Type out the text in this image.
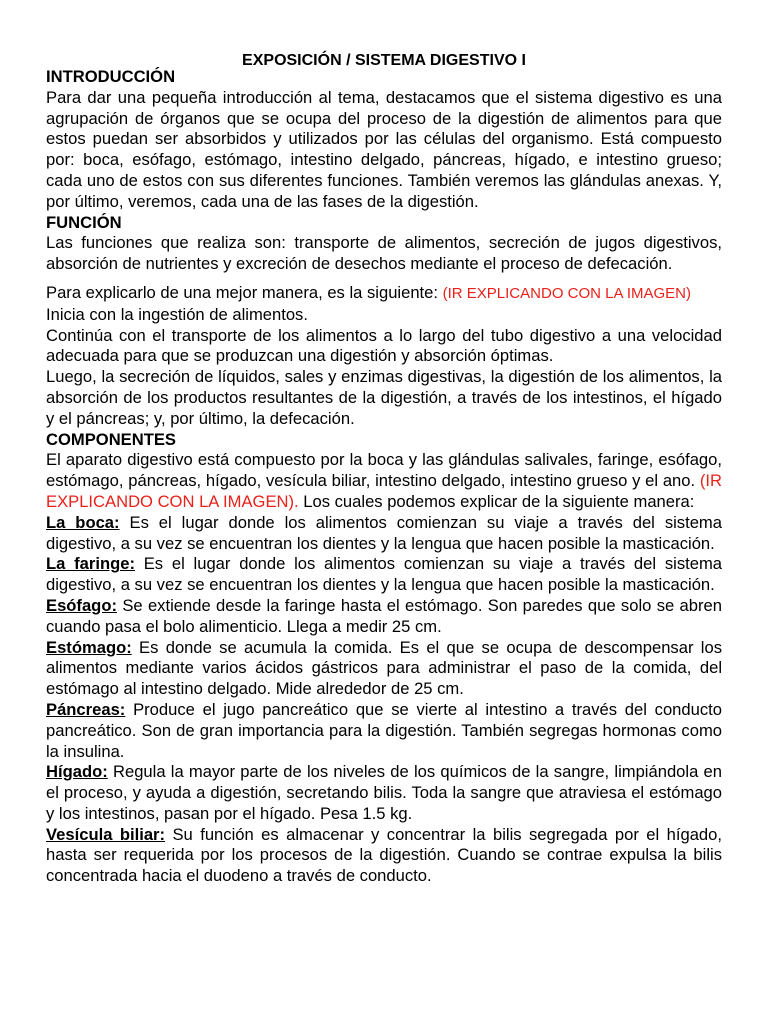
EXPOSICIÓN / SISTEMA DIGESTIVO I

INTRODUCCIÓN

Para dar una pequeña introducción al tema, destacamos que el sistema digestivo es una agrupación de órganos que se ocupa del proceso de la digestión de alimentos para que estos puedan ser absorbidos y utilizados por las células del organismo. Está compuesto por: boca, esófago, estómago, intestino delgado, páncreas, hígado, e intestino grueso; cada uno de estos con sus diferentes funciones. También veremos las glándulas anexas. Y, por último, veremos, cada una de las fases de la digestión.

FUNCIÓN

Las funciones que realiza son: transporte de alimentos, secreción de jugos digestivos, absorción de nutrientes y excreción de desechos mediante el proceso de defecación.

Para explicarlo de una mejor manera, es la siguiente: (IR EXPLICANDO CON LA IMAGEN)

Inicia con la ingestión de alimentos.

Continúa con el transporte de los alimentos a lo largo del tubo digestivo a una velocidad adecuada para que se produzcan una digestión y absorción óptimas.

Luego, la secreción de líquidos, sales y enzimas digestivas, la digestión de los alimentos, la absorción de los productos resultantes de la digestión, a través de los intestinos, el hígado y el páncreas; y, por último, la defecación.

COMPONENTES

El aparato digestivo está compuesto por la boca y las glándulas salivales, faringe, esófago, estómago, páncreas, hígado, vesícula biliar, intestino delgado, intestino grueso y el ano. (IR EXPLICANDO CON LA IMAGEN). Los cuales podemos explicar de la siguiente manera:

La boca: Es el lugar donde los alimentos comienzan su viaje a través del sistema digestivo, a su vez se encuentran los dientes y la lengua que hacen posible la masticación.

La faringe: Es el lugar donde los alimentos comienzan su viaje a través del sistema digestivo, a su vez se encuentran los dientes y la lengua que hacen posible la masticación.

Esófago: Se extiende desde la faringe hasta el estómago. Son paredes que solo se abren cuando pasa el bolo alimenticio. Llega a medir 25 cm.

Estómago: Es donde se acumula la comida. Es el que se ocupa de descompensar los alimentos mediante varios ácidos gástricos para administrar el paso de la comida, del estómago al intestino delgado. Mide alrededor de 25 cm.

Páncreas: Produce el jugo pancreático que se vierte al intestino a través del conducto pancreático. Son de gran importancia para la digestión. También segregas hormonas como la insulina.

Hígado: Regula la mayor parte de los niveles de los químicos de la sangre, limpiándola en el proceso, y ayuda a digestión, secretando bilis. Toda la sangre que atraviesa el estómago y los intestinos, pasan por el hígado. Pesa 1.5 kg.

Vesícula biliar: Su función es almacenar y concentrar la bilis segregada por el hígado, hasta ser requerida por los procesos de la digestión. Cuando se contrae expulsa la bilis concentrada hacia el duodeno a través de conducto.
